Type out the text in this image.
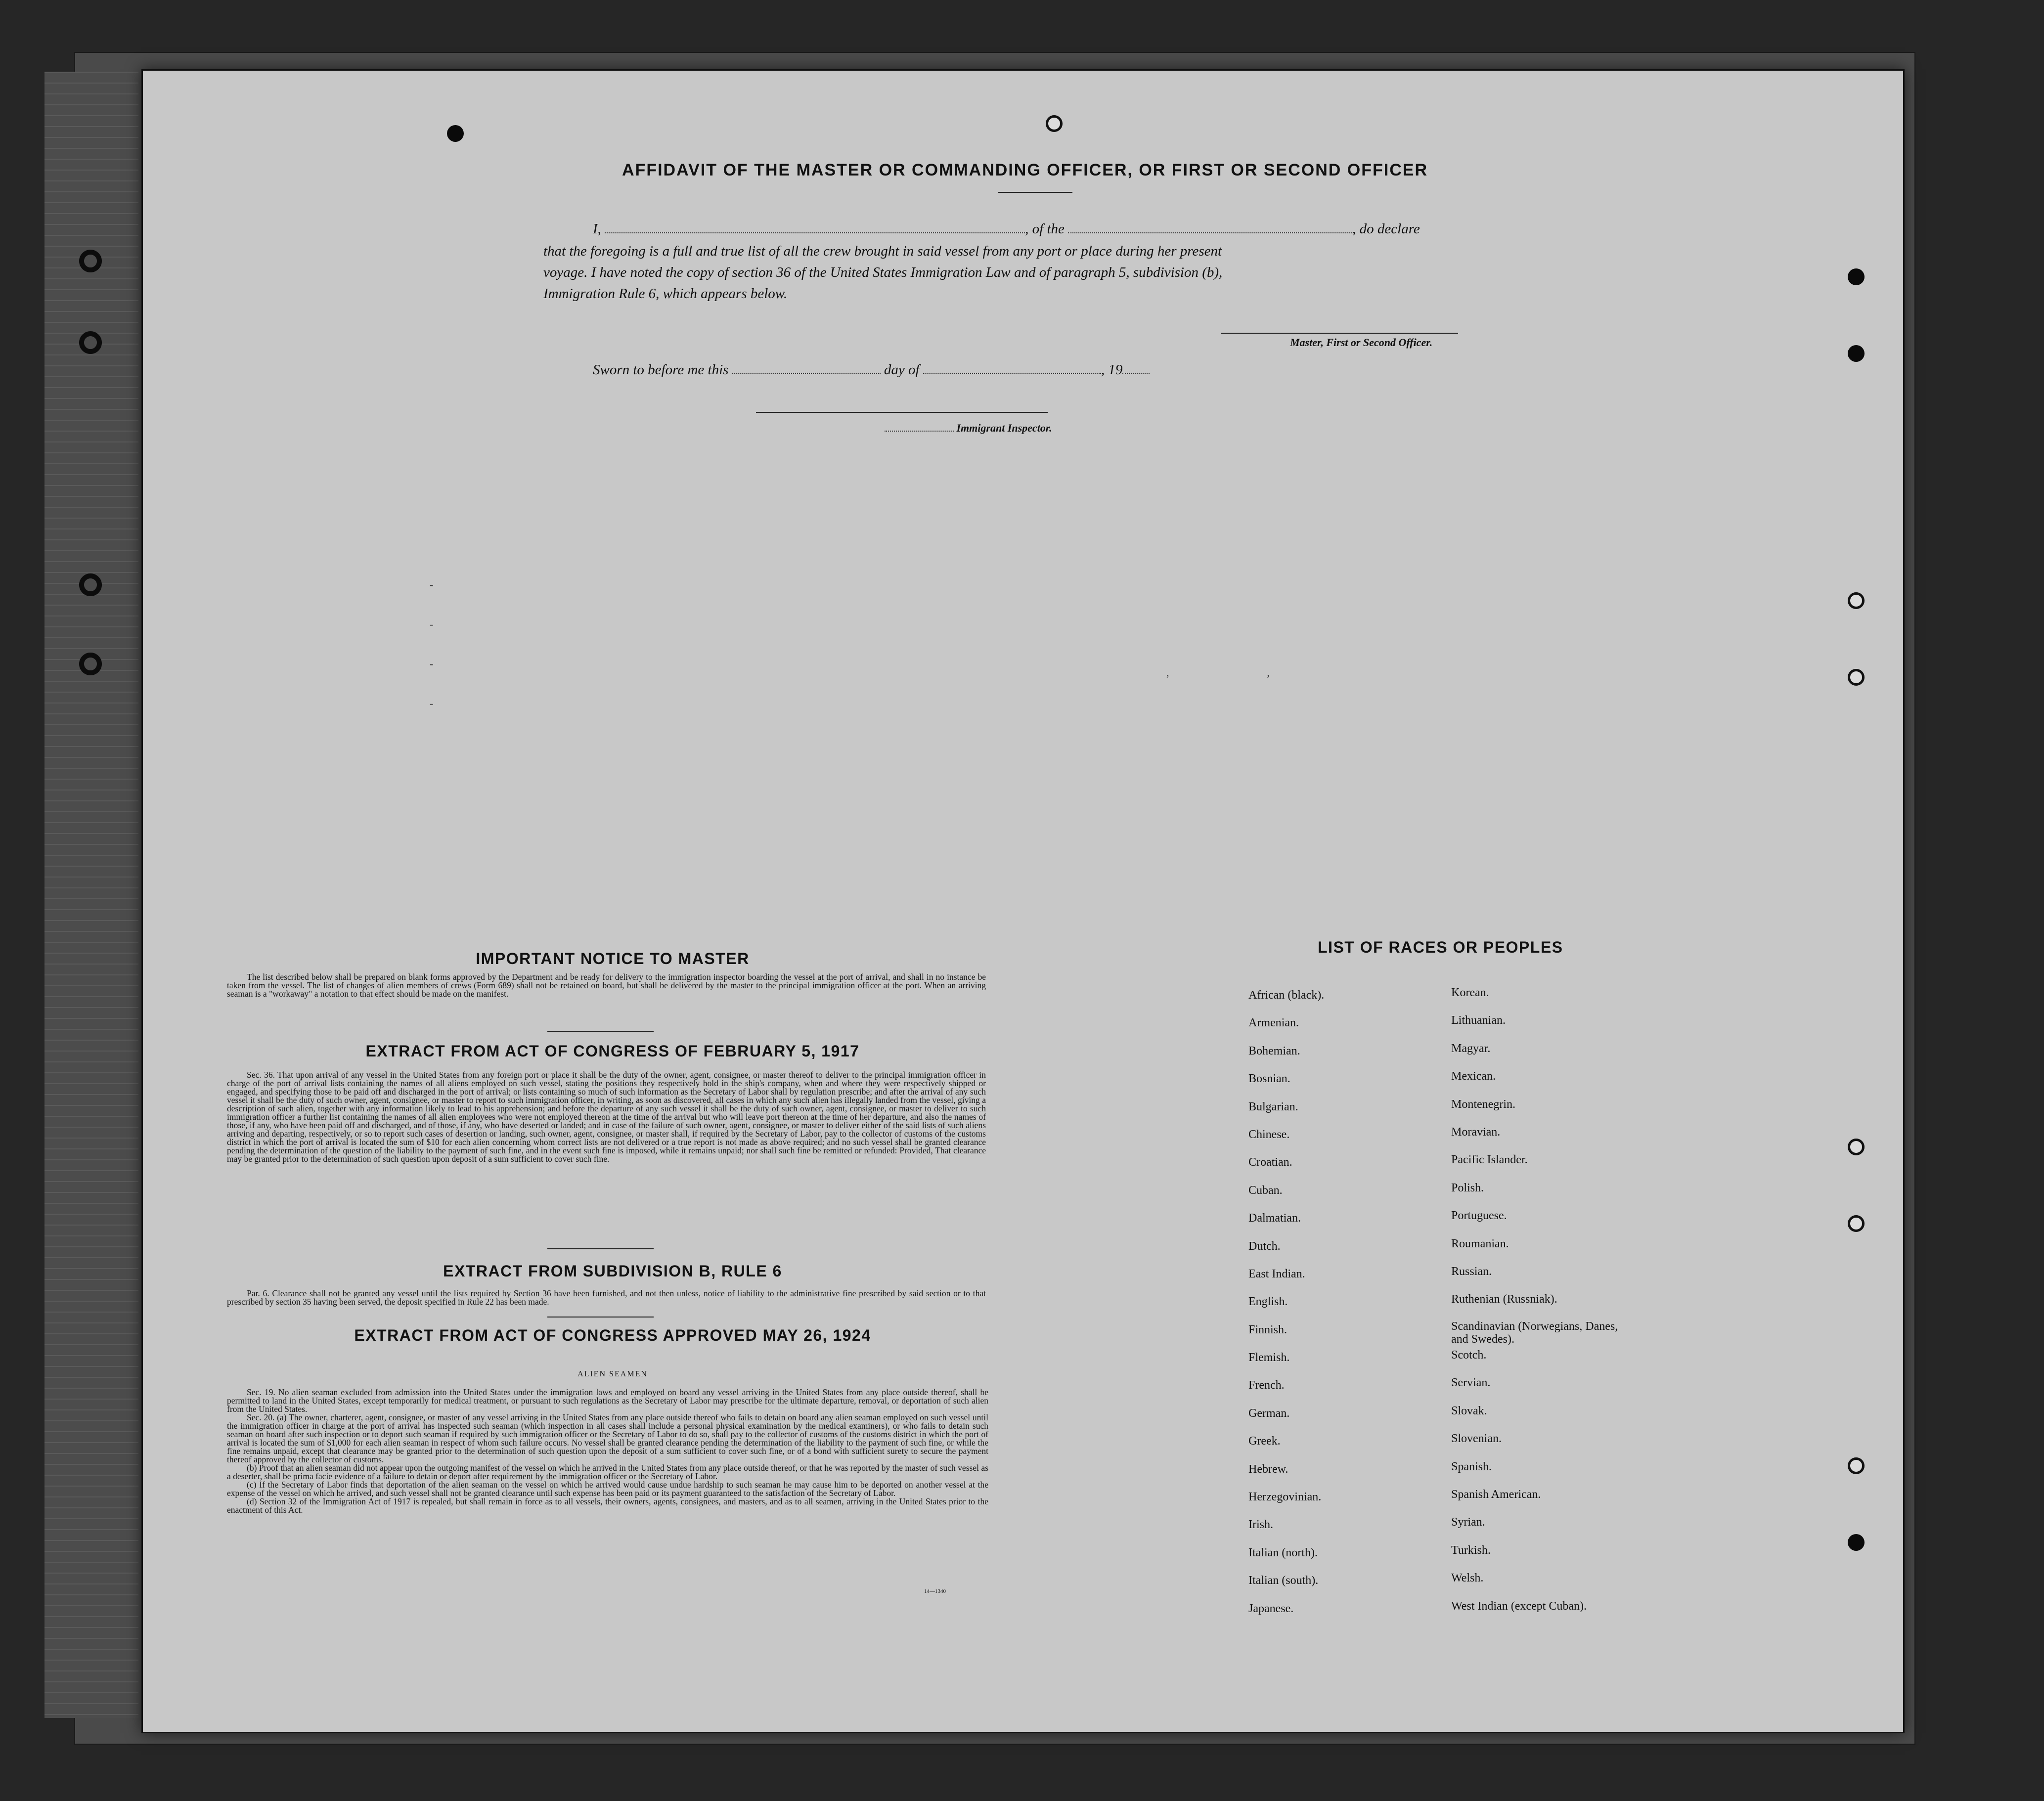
AFFIDAVIT OF THE MASTER OR COMMANDING OFFICER, OR FIRST OR SECOND OFFICER
I,	, of the	, do declare
that the foregoing is a full and true list of all the crew brought in said vessel from any port or place during her present
voyage. I have noted the copy of section 36 of the United States Immigration Law and of paragraph 5, subdivision (b),
Immigration Rule 6, which appears below.
Master, First or Second Officer.
Sworn to before me this	day of	, 19
Immigrant Inspector.
-
-
-
-
,                                    ,
IMPORTANT NOTICE TO MASTER

The list described below shall be prepared on blank forms approved by the Department and be ready for delivery to the immigration inspector boarding the vessel at the port of arrival, and shall in no instance be taken from the vessel. The list of changes of alien members of crews (Form 689) shall not be retained on board, but shall be delivered by the master to the principal immigration officer at the port. When an arriving seaman is a "workaway" a notation to that effect should be made on the manifest.

EXTRACT FROM ACT OF CONGRESS OF FEBRUARY 5, 1917

Sec. 36. That upon arrival of any vessel in the United States from any foreign port or place it shall be the duty of the owner, agent, consignee, or master thereof to deliver to the principal immigration officer in charge of the port of arrival lists containing the names of all aliens employed on such vessel, stating the positions they respectively hold in the ship's company, when and where they were respectively shipped or engaged, and specifying those to be paid off and discharged in the port of arrival; or lists containing so much of such information as the Secretary of Labor shall by regulation prescribe; and after the arrival of any such vessel it shall be the duty of such owner, agent, consignee, or master to report to such immigration officer, in writing, as soon as discovered, all cases in which any such alien has illegally landed from the vessel, giving a description of such alien, together with any information likely to lead to his apprehension; and before the departure of any such vessel it shall be the duty of such owner, agent, consignee, or master to deliver to such immigration officer a further list containing the names of all alien employees who were not employed thereon at the time of the arrival but who will leave port thereon at the time of her departure, and also the names of those, if any, who have been paid off and discharged, and of those, if any, who have deserted or landed; and in case of the failure of such owner, agent, consignee, or master to deliver either of the said lists of such aliens arriving and departing, respectively, or so to report such cases of desertion or landing, such owner, agent, consignee, or master shall, if required by the Secretary of Labor, pay to the collector of customs of the customs district in which the port of arrival is located the sum of $10 for each alien concerning whom correct lists are not delivered or a true report is not made as above required; and no such vessel shall be granted clearance pending the determination of the question of the liability to the payment of such fine, and in the event such fine is imposed, while it remains unpaid; nor shall such fine be remitted or refunded: Provided, That clearance may be granted prior to the determination of such question upon deposit of a sum sufficient to cover such fine.

EXTRACT FROM SUBDIVISION B, RULE 6

Par. 6. Clearance shall not be granted any vessel until the lists required by Section 36 have been furnished, and not then unless, notice of liability to the administrative fine prescribed by said section or to that prescribed by section 35 having been served, the deposit specified in Rule 22 has been made.

EXTRACT FROM ACT OF CONGRESS APPROVED MAY 26, 1924
ALIEN SEAMEN

Sec. 19. No alien seaman excluded from admission into the United States under the immigration laws and employed on board any vessel arriving in the United States from any place outside thereof, shall be permitted to land in the United States, except temporarily for medical treatment, or pursuant to such regulations as the Secretary of Labor may prescribe for the ultimate departure, removal, or deportation of such alien from the United States.

Sec. 20. (a) The owner, charterer, agent, consignee, or master of any vessel arriving in the United States from any place outside thereof who fails to detain on board any alien seaman employed on such vessel until the immigration officer in charge at the port of arrival has inspected such seaman (which inspection in all cases shall include a personal physical examination by the medical examiners), or who fails to detain such seaman on board after such inspection or to deport such seaman if required by such immigration officer or the Secretary of Labor to do so, shall pay to the collector of customs of the customs district in which the port of arrival is located the sum of $1,000 for each alien seaman in respect of whom such failure occurs. No vessel shall be granted clearance pending the determination of the liability to the payment of such fine, or while the fine remains unpaid, except that clearance may be granted prior to the determination of such question upon the deposit of a sum sufficient to cover such fine, or of a bond with sufficient surety to secure the payment thereof approved by the collector of customs.

(b) Proof that an alien seaman did not appear upon the outgoing manifest of the vessel on which he arrived in the United States from any place outside thereof, or that he was reported by the master of such vessel as a deserter, shall be prima facie evidence of a failure to detain or deport after requirement by the immigration officer or the Secretary of Labor.

(c) If the Secretary of Labor finds that deportation of the alien seaman on the vessel on which he arrived would cause undue hardship to such seaman he may cause him to be deported on another vessel at the expense of the vessel on which he arrived, and such vessel shall not be granted clearance until such expense has been paid or its payment guaranteed to the satisfaction of the Secretary of Labor.

(d) Section 32 of the Immigration Act of 1917 is repealed, but shall remain in force as to all vessels, their owners, agents, consignees, and masters, and as to all seamen, arriving in the United States prior to the enactment of this Act.

14—1340
LIST OF RACES OR PEOPLES
African (black).
Armenian.
Bohemian.
Bosnian.
Bulgarian.
Chinese.
Croatian.
Cuban.
Dalmatian.
Dutch.
East Indian.
English.
Finnish.
Flemish.
French.
German.
Greek.
Hebrew.
Herzegovinian.
Irish.
Italian (north).
Italian (south).
Japanese.
Korean.
Lithuanian.
Magyar.
Mexican.
Montenegrin.
Moravian.
Pacific Islander.
Polish.
Portuguese.
Roumanian.
Russian.
Ruthenian (Russniak).
Scandinavian (Norwegians, Danes, and Swedes).
Scotch.
Servian.
Slovak.
Slovenian.
Spanish.
Spanish American.
Syrian.
Turkish.
Welsh.
West Indian (except Cuban).
